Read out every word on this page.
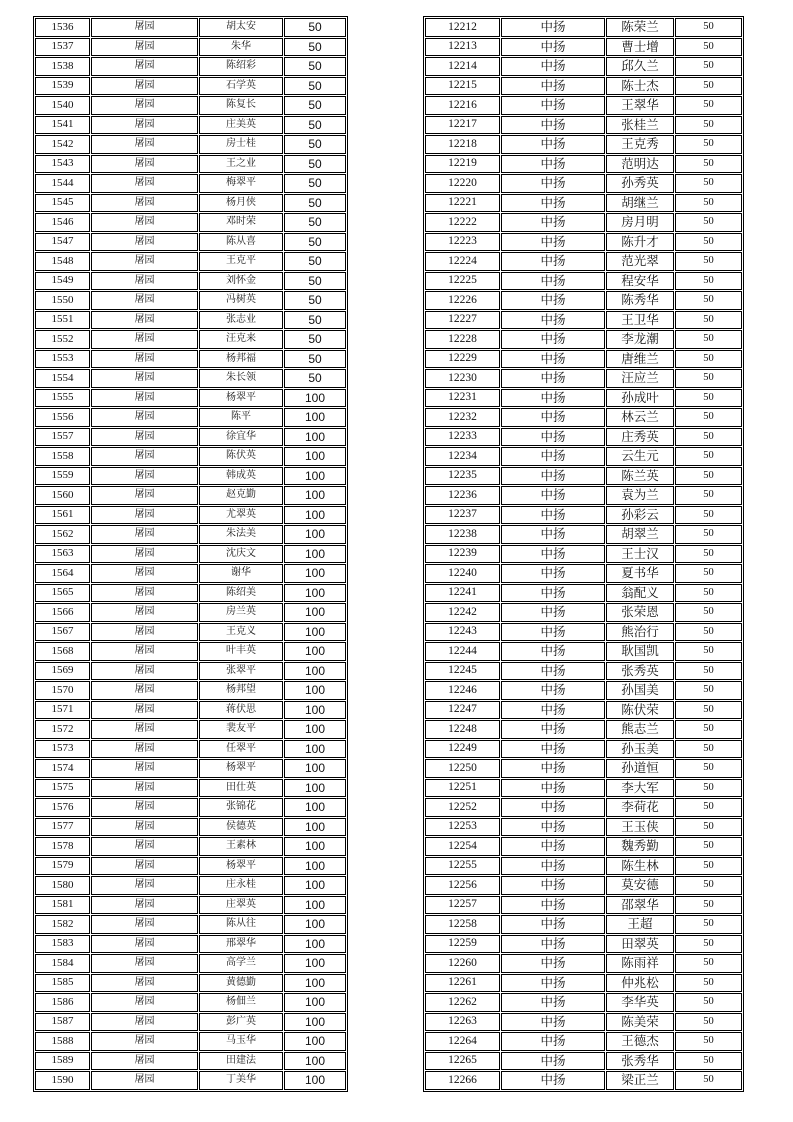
1536	屠园	胡太安	50
1537	屠园	朱华	50
1538	屠园	陈绍彩	50
1539	屠园	石学英	50
1540	屠园	陈复长	50
1541	屠园	庄美英	50
1542	屠园	房士桂	50
1543	屠园	王之业	50
1544	屠园	梅翠平	50
1545	屠园	杨月侠	50
1546	屠园	邓时荣	50
1547	屠园	陈从喜	50
1548	屠园	王克平	50
1549	屠园	刘怀金	50
1550	屠园	冯树英	50
1551	屠园	张志业	50
1552	屠园	汪克来	50
1553	屠园	杨邦福	50
1554	屠园	朱长领	50
1555	屠园	杨翠平	100
1556	屠园	陈平	100
1557	屠园	徐宜华	100
1558	屠园	陈伏英	100
1559	屠园	韩成英	100
1560	屠园	赵克勤	100
1561	屠园	尤翠英	100
1562	屠园	朱法美	100
1563	屠园	沈庆文	100
1564	屠园	谢华	100
1565	屠园	陈绍美	100
1566	屠园	房兰英	100
1567	屠园	王克义	100
1568	屠园	叶丰英	100
1569	屠园	张翠平	100
1570	屠园	杨邦望	100
1571	屠园	蒋伏思	100
1572	屠园	裴友平	100
1573	屠园	任翠平	100
1574	屠园	杨翠平	100
1575	屠园	田仕英	100
1576	屠园	张锦花	100
1577	屠园	侯德英	100
1578	屠园	王素林	100
1579	屠园	杨翠平	100
1580	屠园	庄永桂	100
1581	屠园	庄翠英	100
1582	屠园	陈从往	100
1583	屠园	邢翠华	100
1584	屠园	高学兰	100
1585	屠园	黄德勤	100
1586	屠园	杨佃兰	100
1587	屠园	彭广英	100
1588	屠园	马玉华	100
1589	屠园	田建法	100
1590	屠园	丁美华	100
12212	中扬	陈荣兰	50
12213	中扬	曹士增	50
12214	中扬	邱久兰	50
12215	中扬	陈士杰	50
12216	中扬	王翠华	50
12217	中扬	张桂兰	50
12218	中扬	王克秀	50
12219	中扬	范明达	50
12220	中扬	孙秀英	50
12221	中扬	胡继兰	50
12222	中扬	房月明	50
12223	中扬	陈升才	50
12224	中扬	范光翠	50
12225	中扬	程安华	50
12226	中扬	陈秀华	50
12227	中扬	王卫华	50
12228	中扬	李龙潮	50
12229	中扬	唐维兰	50
12230	中扬	汪应兰	50
12231	中扬	孙成叶	50
12232	中扬	林云兰	50
12233	中扬	庄秀英	50
12234	中扬	云生元	50
12235	中扬	陈兰英	50
12236	中扬	袁为兰	50
12237	中扬	孙彩云	50
12238	中扬	胡翠兰	50
12239	中扬	王士汉	50
12240	中扬	夏书华	50
12241	中扬	翁配义	50
12242	中扬	张荣恩	50
12243	中扬	熊治行	50
12244	中扬	耿国凯	50
12245	中扬	张秀英	50
12246	中扬	孙国美	50
12247	中扬	陈伏荣	50
12248	中扬	熊志兰	50
12249	中扬	孙玉美	50
12250	中扬	孙道恒	50
12251	中扬	李大军	50
12252	中扬	李荷花	50
12253	中扬	王玉侠	50
12254	中扬	魏秀勤	50
12255	中扬	陈生林	50
12256	中扬	莫安德	50
12257	中扬	邵翠华	50
12258	中扬	王超	50
12259	中扬	田翠英	50
12260	中扬	陈雨祥	50
12261	中扬	仲兆松	50
12262	中扬	李华英	50
12263	中扬	陈美荣	50
12264	中扬	王德杰	50
12265	中扬	张秀华	50
12266	中扬	梁正兰	50
